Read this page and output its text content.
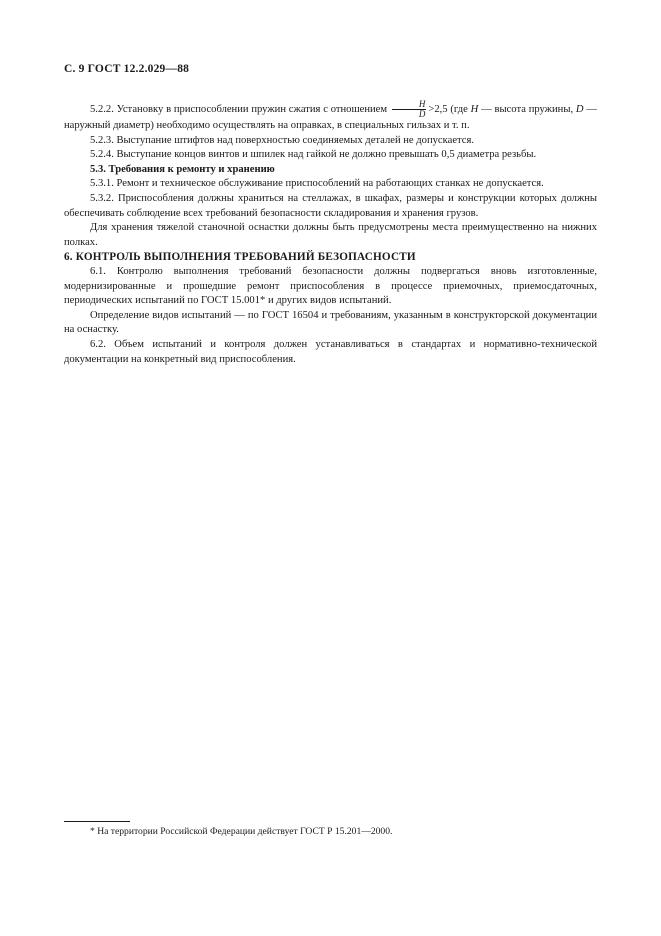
С. 9 ГОСТ 12.2.029—88

5.2.2. Установку в приспособлении пружин сжатия с отношением $\frac{H}{D} >2,5$ (где H — высота пружины, D — наружный диаметр) необходимо осуществлять на оправках, в специальных гильзах и т. п.

5.2.3. Выступание штифтов над поверхностью соединяемых деталей не допускается.

5.2.4. Выступание концов винтов и шпилек над гайкой не должно превышать 0,5 диаметра резьбы.

5.3. Требования к ремонту и хранению

5.3.1. Ремонт и техническое обслуживание приспособлений на работающих станках не допускается.

5.3.2. Приспособления должны храниться на стеллажах, в шкафах, размеры и конструкции которых должны обеспечивать соблюдение всех требований безопасности складирования и хранения грузов.

Для хранения тяжелой станочной оснастки должны быть предусмотрены места преимущественно на нижних полках.

6. КОНТРОЛЬ ВЫПОЛНЕНИЯ ТРЕБОВАНИЙ БЕЗОПАСНОСТИ

6.1. Контролю выполнения требований безопасности должны подвергаться вновь изготовленные, модернизированные и прошедшие ремонт приспособления в процессе приемочных, приемосдаточных, периодических испытаний по ГОСТ 15.001* и других видов испытаний.

Определение видов испытаний — по ГОСТ 16504 и требованиям, указанным в конструкторской документации на оснастку.

6.2. Объем испытаний и контроля должен устанавливаться в стандартах и нормативно-технической документации на конкретный вид приспособления.

* На территории Российской Федерации действует ГОСТ Р 15.201—2000.
